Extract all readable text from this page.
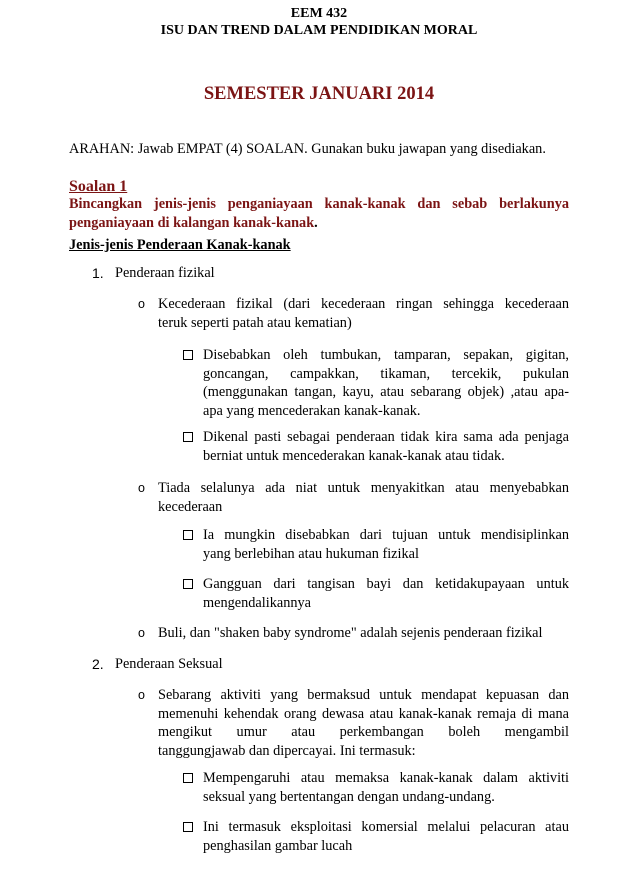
EEM 432
ISU DAN TREND DALAM PENDIDIKAN MORAL
SEMESTER JANUARI 2014
ARAHAN: Jawab EMPAT (4) SOALAN. Gunakan buku jawapan yang disediakan.
Soalan 1
Bincangkan jenis-jenis penganiayaan kanak-kanak dan sebab berlakunya
penganiayaan di kalangan kanak-kanak.
Jenis-jenis Penderaan Kanak-kanak
1. Penderaan fizikal
o Kecederaan fizikal (dari kecederaan ringan sehingga kecederaan
teruk seperti patah atau kematian)
Disebabkan oleh tumbukan, tamparan, sepakan, gigitan,
goncangan, campakkan, tikaman, tercekik, pukulan
(menggunakan tangan, kayu, atau sebarang objek) ,atau apa-
apa yang mencederakan kanak-kanak.
Dikenal pasti sebagai penderaan tidak kira sama ada penjaga
berniat untuk mencederakan kanak-kanak atau tidak.
o Tiada selalunya ada niat untuk menyakitkan atau menyebabkan
kecederaan
Ia mungkin disebabkan dari tujuan untuk mendisiplinkan
yang berlebihan atau hukuman fizikal
Gangguan dari tangisan bayi dan ketidakupayaan untuk
mengendalikannya
o Buli, dan "shaken baby syndrome" adalah sejenis penderaan fizikal
2. Penderaan Seksual
o Sebarang aktiviti yang bermaksud untuk mendapat kepuasan dan
memenuhi kehendak orang dewasa atau kanak-kanak remaja di mana
mengikut umur atau perkembangan boleh mengambil
tanggungjawab dan dipercayai. Ini termasuk:
Mempengaruhi atau memaksa kanak-kanak dalam aktiviti
seksual yang bertentangan dengan undang-undang.
Ini termasuk eksploitasi komersial melalui pelacuran atau
penghasilan gambar lucah
